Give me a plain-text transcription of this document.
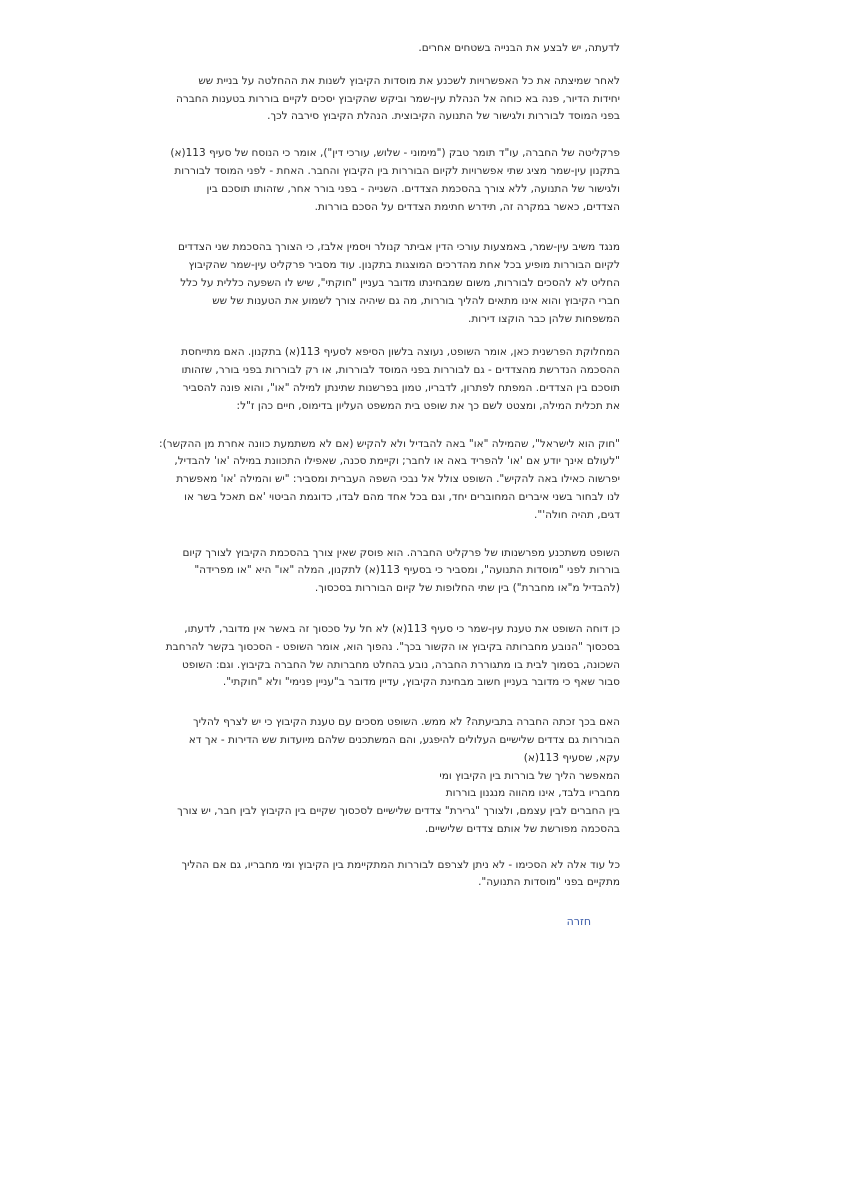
לדעתה, יש לבצע את הבנייה בשטחים אחרים.

לאחר שמיצתה את כל האפשרויות לשכנע את מוסדות הקיבוץ לשנות את ההחלטה על בניית שש
יחידות הדיור, פנה בא כוחה אל הנהלת עין-שמר וביקש שהקיבוץ יסכים לקיים בוררות בטענות החברה
בפני המוסד לבוררות ולגישור של התנועה הקיבוצית. הנהלת הקיבוץ סירבה לכך.

פרקליטה של החברה, עו"ד תומר טבק ("מימוני - שלוש, עורכי דין"), אומר כי הנוסח של סעיף 113(א)
בתקנון עין-שמר מציג שתי אפשרויות לקיום הבוררות בין הקיבוץ והחבר. האחת - לפני המוסד לבוררות
ולגישור של התנועה, ללא צורך בהסכמת הצדדים. השנייה - בפני בורר אחר, שזהותו תוסכם בין
הצדדים, כאשר במקרה זה, תידרש חתימת הצדדים על הסכם בוררות.

מנגד משיב עין-שמר, באמצעות עורכי הדין אביתר קנולר ויסמין אלבז, כי הצורך בהסכמת שני הצדדים
לקיום הבוררות מופיע בכל אחת מהדרכים המוצגות בתקנון. עוד מסביר פרקליט עין-שמר שהקיבוץ
החליט לא להסכים לבוררות, משום שמבחינתו מדובר בעניין "חוקתי", שיש לו השפעה כללית על כלל
חברי הקיבוץ והוא אינו מתאים להליך בוררות, מה גם שיהיה צורך לשמוע את הטענות של שש
המשפחות שלהן כבר הוקצו דירות.

המחלוקת הפרשנית כאן, אומר השופט, נעוצה בלשון הסיפא לסעיף 113(א) בתקנון. האם מתייחסת
ההסכמה הנדרשת מהצדדים - גם לבוררות בפני המוסד לבוררות, או רק לבוררות בפני בורר, שזהותו
תוסכם בין הצדדים. המפתח לפתרון, לדבריו, טמון בפרשנות שתינתן למילה "או", והוא פונה להסביר
את תכלית המילה, ומצטט לשם כך את שופט בית המשפט העליון בדימוס, חיים כהן ז"ל:

"חוק הוא לישראל", שהמילה "או" באה להבדיל ולא להקיש (אם לא משתמעת כוונה אחרת מן ההקשר):
"לעולם אינך יודע אם 'או' להפריד באה או לחבר; וקיימת סכנה, שאפילו התכוונת במילה 'או' להבדיל,
יפרשוה כאילו באה להקיש". השופט צולל אל נבכי השפה העברית ומסביר: "יש והמילה 'או' מאפשרת
לנו לבחור בשני איברים המחוברים יחד, וגם בכל אחד מהם לבדו, כדוגמת הביטוי 'אם תאכל בשר או
דגים, תהיה חולה'".

השופט משתכנע מפרשנותו של פרקליט החברה. הוא פוסק שאין צורך בהסכמת הקיבוץ לצורך קיום
בוררות לפני "מוסדות התנועה", ומסביר כי בסעיף 113(א) לתקנון, המלה "או" היא "או מפרידה"
(להבדיל מ"או מחברת") בין שתי החלופות של קיום הבוררות בסכסוך.

כן דוחה השופט את טענת עין-שמר כי סעיף 113(א) לא חל על סכסוך זה באשר אין מדובר, לדעתו,
בסכסוך "הנובע מחברותה בקיבוץ או הקשור בכך". נהפוך הוא, אומר השופט - הסכסוך בקשר להרחבת
השכונה, בסמוך לבית בו מתגוררת החברה, נובע בהחלט מחברותה של החברה בקיבוץ. וגם: השופט
סבור שאף כי מדובר בעניין חשוב מבחינת הקיבוץ, עדיין מדובר ב"עניין פנימי" ולא "חוקתי".

האם בכך זכתה החברה בתביעתה? לא ממש. השופט מסכים עם טענת הקיבוץ כי יש לצרף להליך
הבוררות גם צדדים שלישיים העלולים להיפגע, והם המשתכנים שלהם מיועדות שש הדירות - אך דא
עקא, שסעיף 113(א)
המאפשר הליך של בוררות בין הקיבוץ ומי
מחבריו בלבד, אינו מהווה מנגנון בוררות
בין החברים לבין עצמם, ולצורך "גרירת" צדדים שלישיים לסכסוך שקיים בין הקיבוץ לבין חבר, יש צורך
בהסכמה מפורשת של אותם צדדים שלישיים.

כל עוד אלה לא הסכימו - לא ניתן לצרפם לבוררות המתקיימת בין הקיבוץ ומי מחבריו, גם אם ההליך
מתקיים בפני "מוסדות התנועה".

חזרה
